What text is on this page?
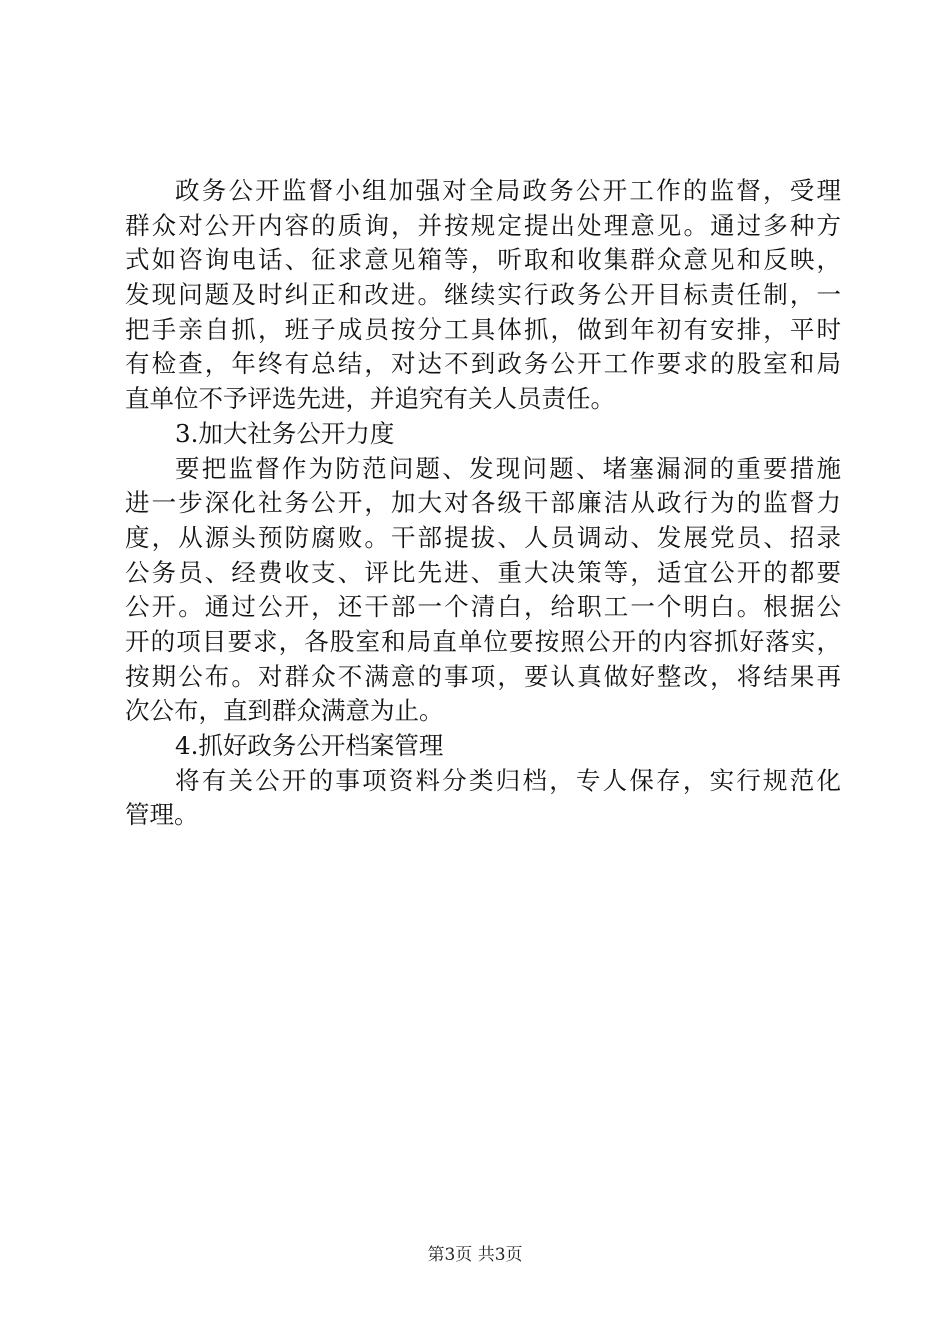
政务公开监督小组加强对全局政务公开工作的监督，受理
群众对公开内容的质询，并按规定提出处理意见。通过多种方
式如咨询电话、征求意见箱等，听取和收集群众意见和反映，
发现问题及时纠正和改进。继续实行政务公开目标责任制，一
把手亲自抓，班子成员按分工具体抓，做到年初有安排，平时
有检查，年终有总结，对达不到政务公开工作要求的股室和局
直单位不予评选先进，并追究有关人员责任。
3.加大社务公开力度
要把监督作为防范问题、发现问题、堵塞漏洞的重要措施
进一步深化社务公开，加大对各级干部廉洁从政行为的监督力
度，从源头预防腐败。干部提拔、人员调动、发展党员、招录
公务员、经费收支、评比先进、重大决策等，适宜公开的都要
公开。通过公开，还干部一个清白，给职工一个明白。根据公
开的项目要求，各股室和局直单位要按照公开的内容抓好落实，
按期公布。对群众不满意的事项，要认真做好整改，将结果再
次公布，直到群众满意为止。
4.抓好政务公开档案管理
将有关公开的事项资料分类归档，专人保存，实行规范化
管理。
第3页 共3页
